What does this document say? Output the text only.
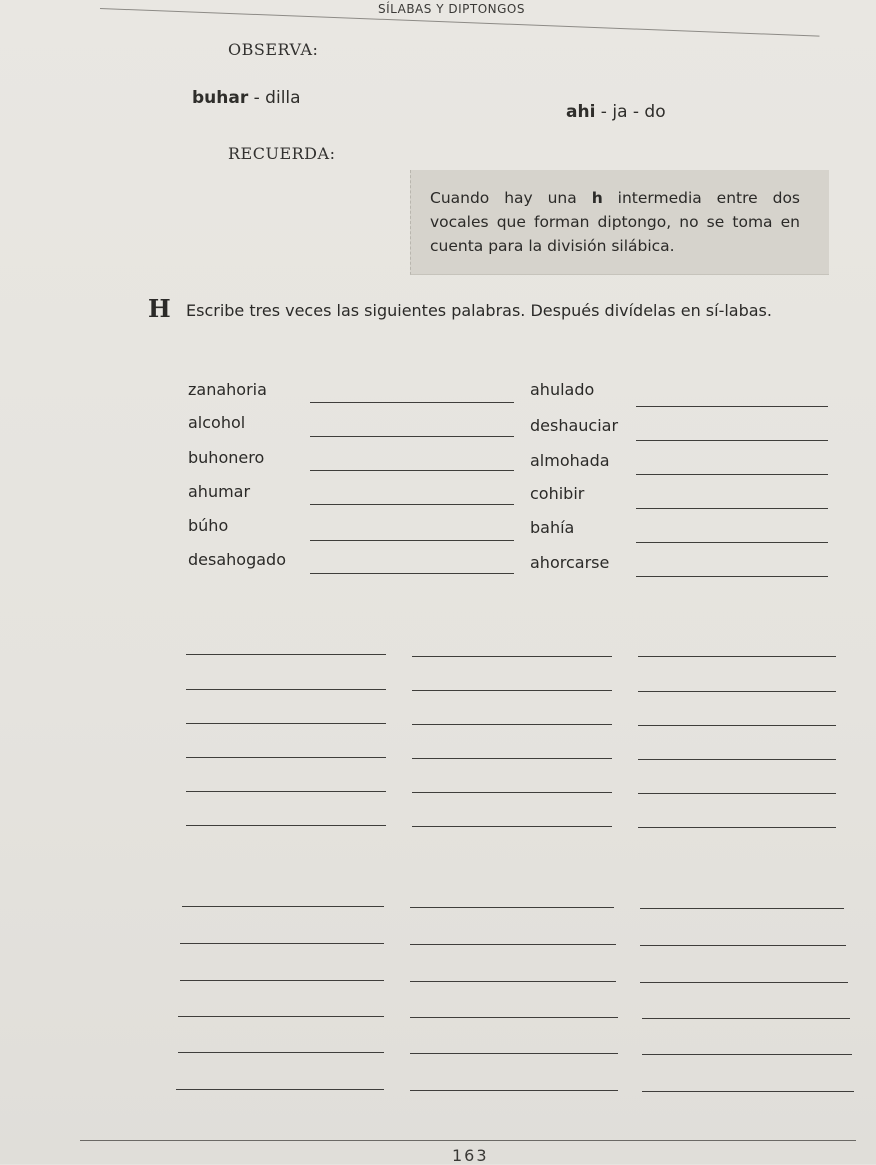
SÍLABAS Y DIPTONGOS
OBSERVA:
buhar - dilla
ahi - ja - do
RECUERDA:
Cuando hay una h intermedia entre dos vocales que forman diptongo, no se toma en cuenta para la división silábica.
H Escribe tres veces las siguientes palabras. Después divídelas en sí-labas.
zanahoria	ahulado
alcohol	deshauciar
buhonero	almohada
ahumar	cohibir
búho	bahía
desahogado	ahorcarse
163
